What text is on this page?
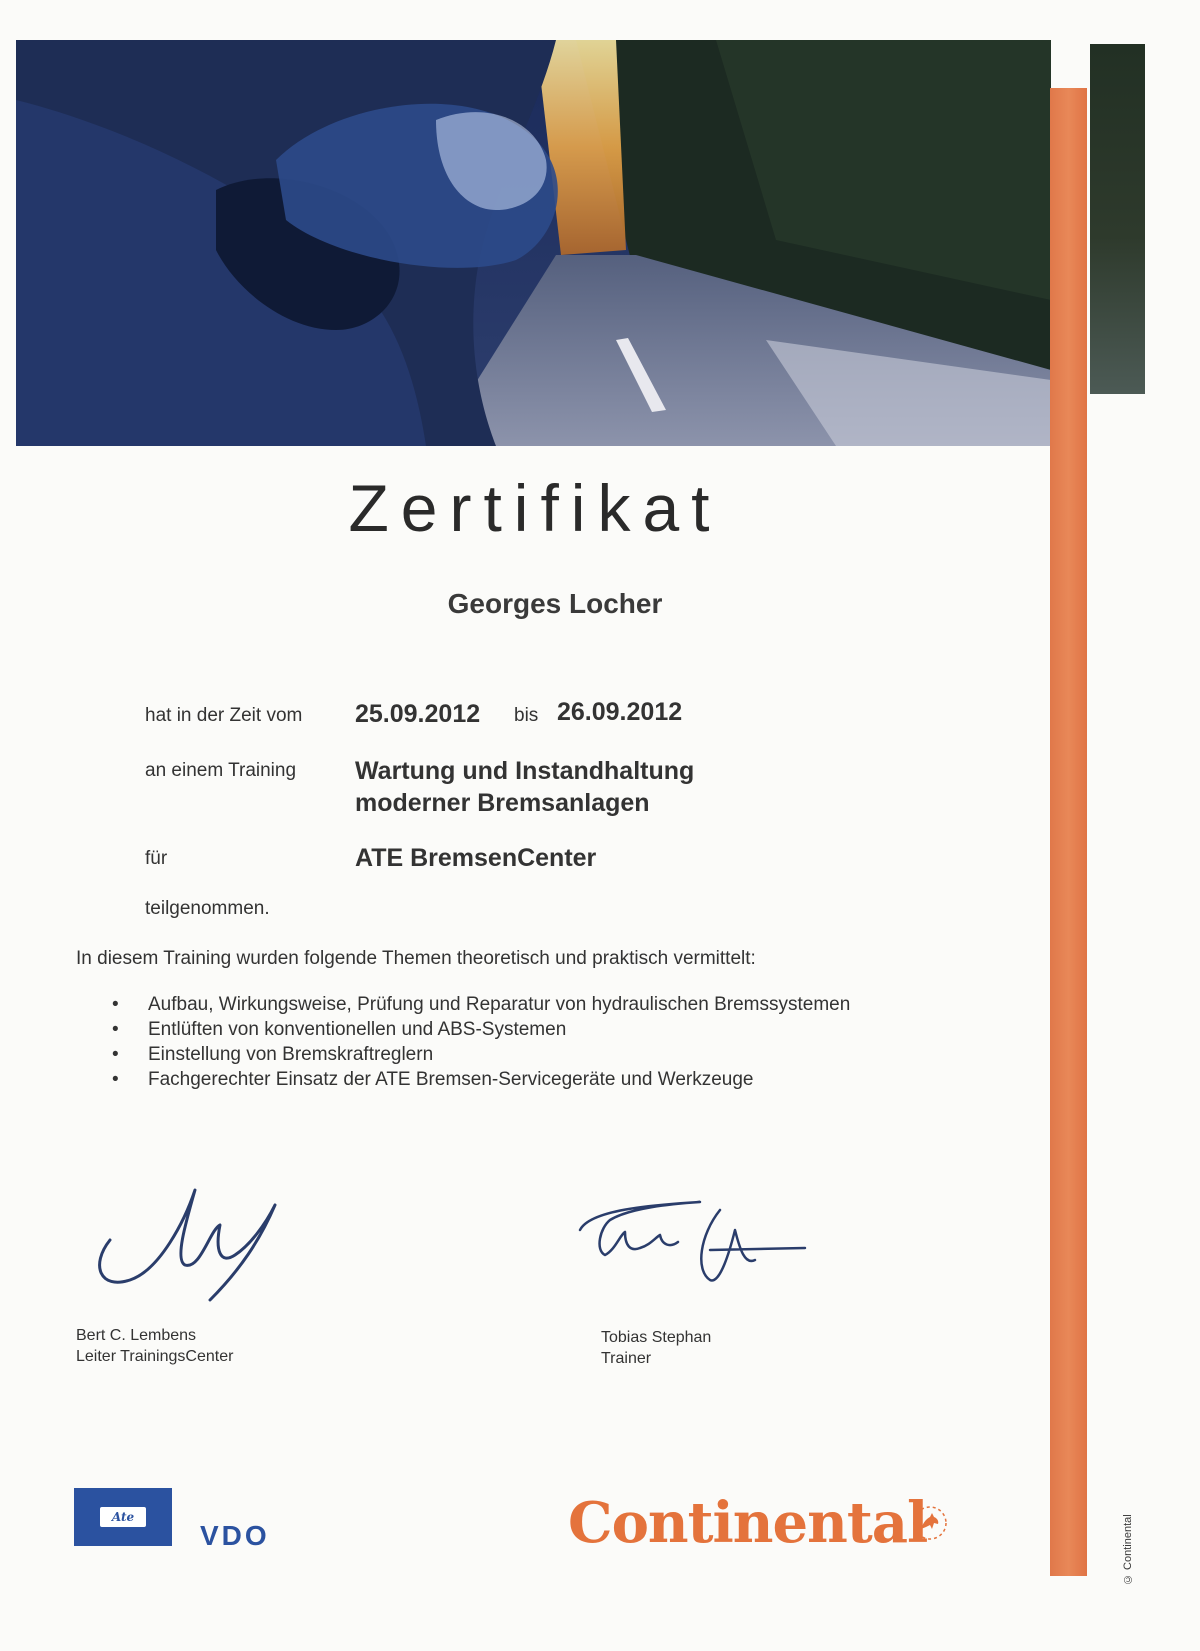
© Continental
Zertifikat
Georges Locher
hat in der Zeit vom 25.09.2012 bis 26.09.2012
an einem Training Wartung und Instandhaltung
moderner Bremsanlagen
für	ATE BremsenCenter
teilgenommen.
In diesem Training wurden folgende Themen theoretisch und praktisch vermittelt:
• Aufbau, Wirkungsweise, Prüfung und Reparatur von hydraulischen Bremssystemen
• Entlüften von konventionellen und ABS-Systemen
• Einstellung von Bremskraftreglern
• Fachgerechter Einsatz der ATE Bremsen-Servicegeräte und Werkzeuge
Bert C. Lembens
Leiter TrainingsCenter
Tobias Stephan
Trainer
Ate
VDO	Continental
